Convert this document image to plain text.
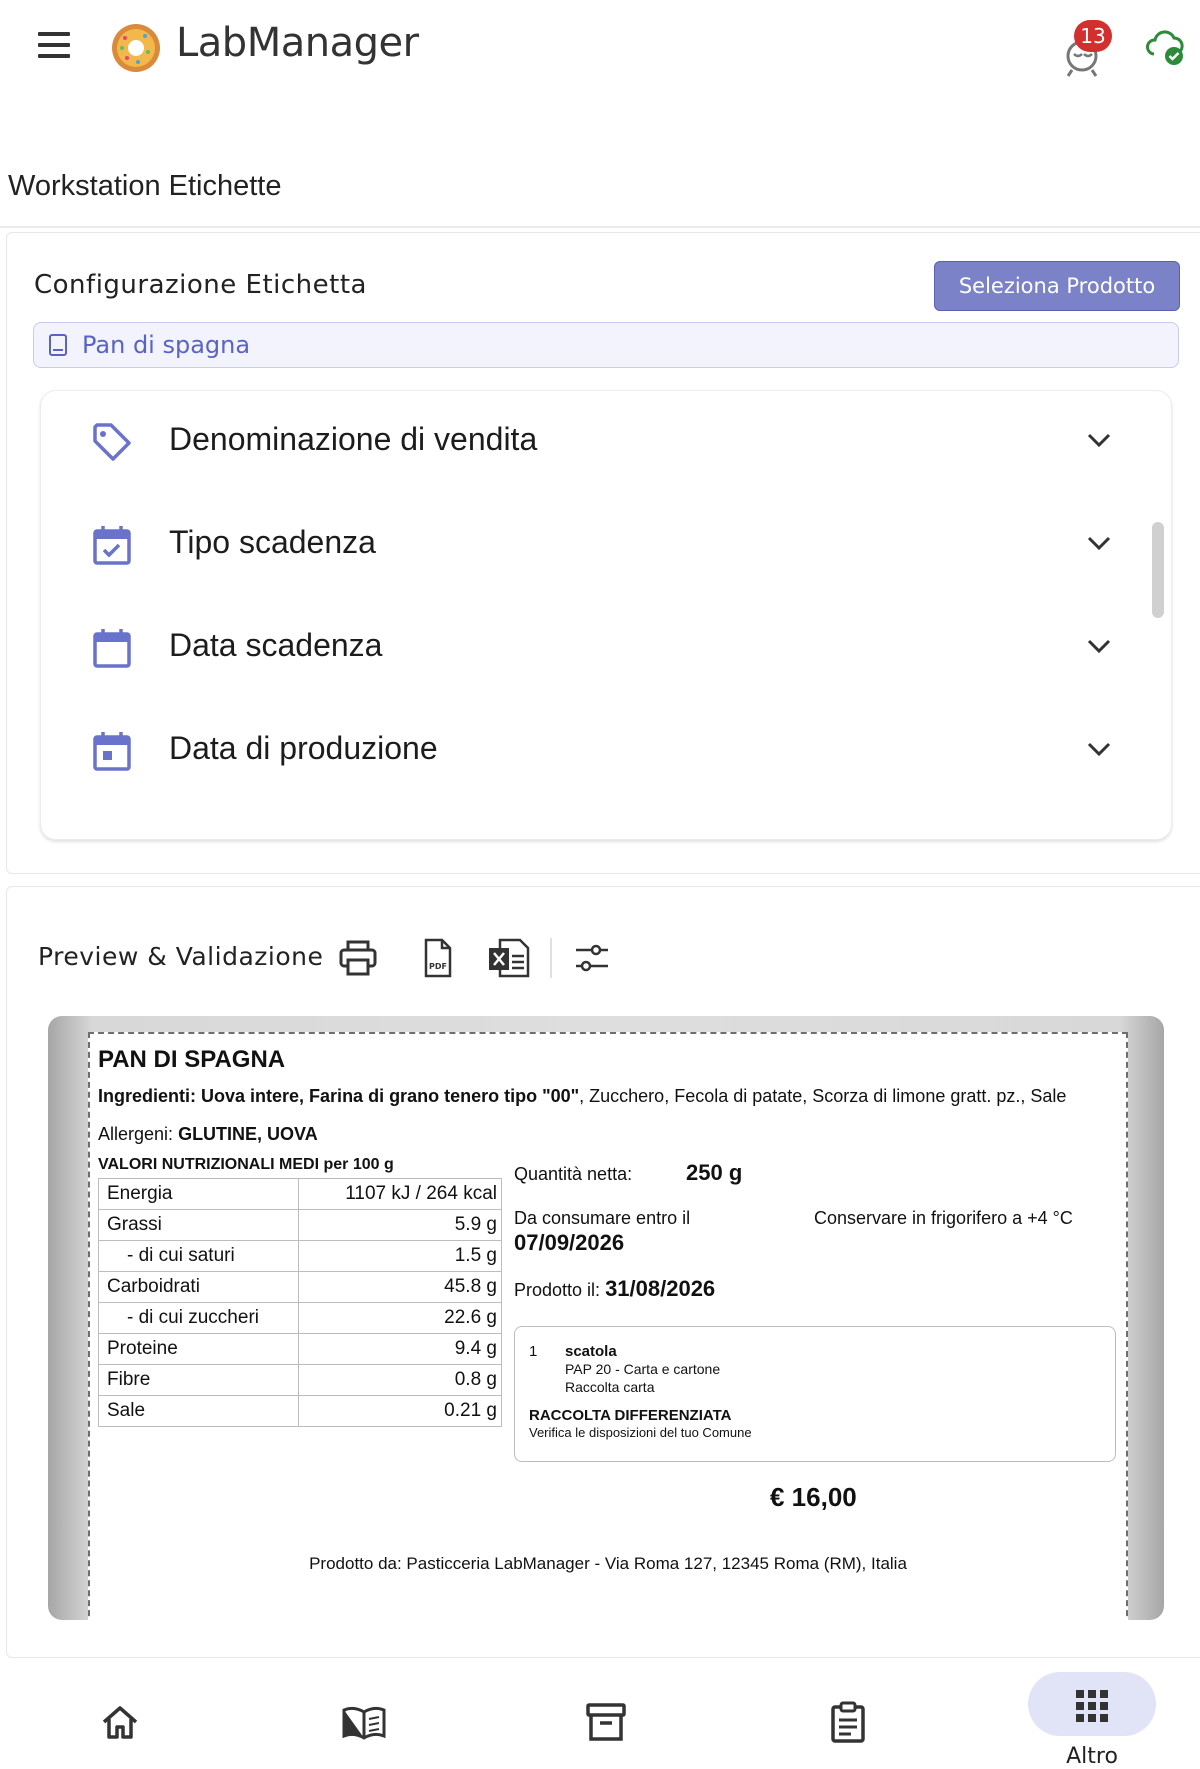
LabManager	13
Workstation Etichette
Configurazione Etichetta	Seleziona Prodotto
Pan di spagna
Denominazione di vendita
Tipo scadenza
Data scadenza
Data di produzione
Preview & Validazione	PDF
PAN DI SPAGNA
Ingredienti: Uova intere, Farina di grano tenero tipo "00", Zucchero, Fecola di patate, Scorza di limone gratt. pz., Sale
Allergeni: GLUTINE, UOVA
VALORI NUTRIZIONALI MEDI per 100 g
Energia	1107 kJ / 264 kcal
Grassi	5.9 g
- di cui saturi	1.5 g
Carboidrati	45.8 g
- di cui zuccheri	22.6 g
Proteine	9.4 g
Fibre	0.8 g
Sale	0.21 g
Quantità netta: 250 g
Da consumare entro il
07/09/2026
Conservare in frigorifero a +4 °C
Prodotto il: 31/08/2026
1 scatola
PAP 20 - Carta e cartone
Raccolta carta
RACCOLTA DIFFERENZIATA
Verifica le disposizioni del tuo Comune
€ 16,00
Prodotto da: Pasticceria LabManager - Via Roma 127, 12345 Roma (RM), Italia
Altro
